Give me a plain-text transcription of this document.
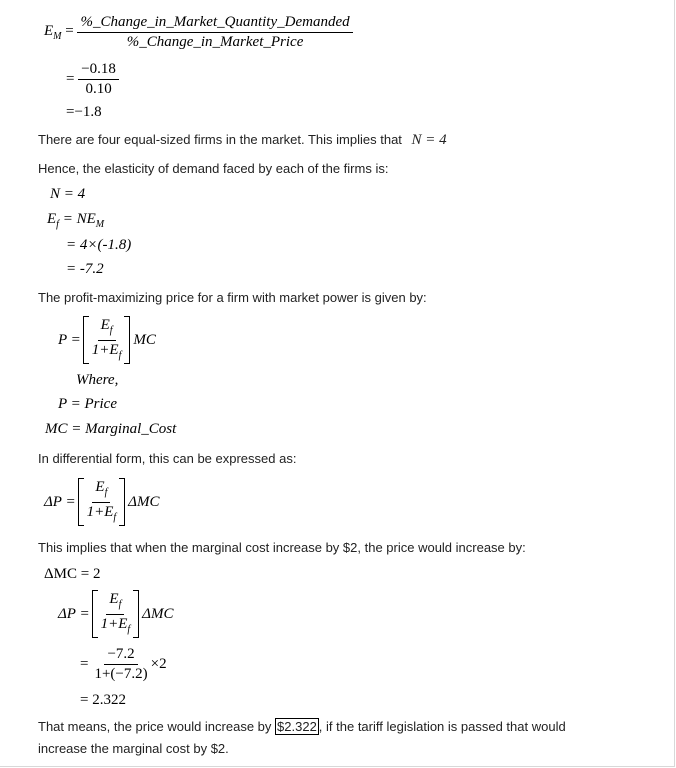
$E_M = \frac{\text{\%\_Change\_in\_Market\_Quantity\_Demanded}}{\text{\%\_Change\_in\_Market\_Price}}$
= $\frac{-0.18}{0.10}$
=−1.8
There are four equal-sized firms in the market. This implies that N = 4
Hence, the elasticity of demand faced by each of the firms is:
N = 4
$E_f = NE_M$
= 4×(-1.8)
= -7.2
The profit-maximizing price for a firm with market power is given by:
$P = \frac{E_f}{1+E_f}$ MC
Where,
P = Price
MC = Marginal_Cost
In differential form, this can be expressed as:
$\Delta P = \frac{E_f}{1+E_f}$ ΔMC
This implies that when the marginal cost increase by $2, the price would increase by:
ΔMC = 2
$\Delta P = \frac{E_f}{1+E_f}$ ΔMC
= $\frac{-7.2}{1+(-7.2)} \times 2$
= 2.322
That means, the price would increase by $2.322 , if the tariff legislation is passed that would
increase the marginal cost by $2.
